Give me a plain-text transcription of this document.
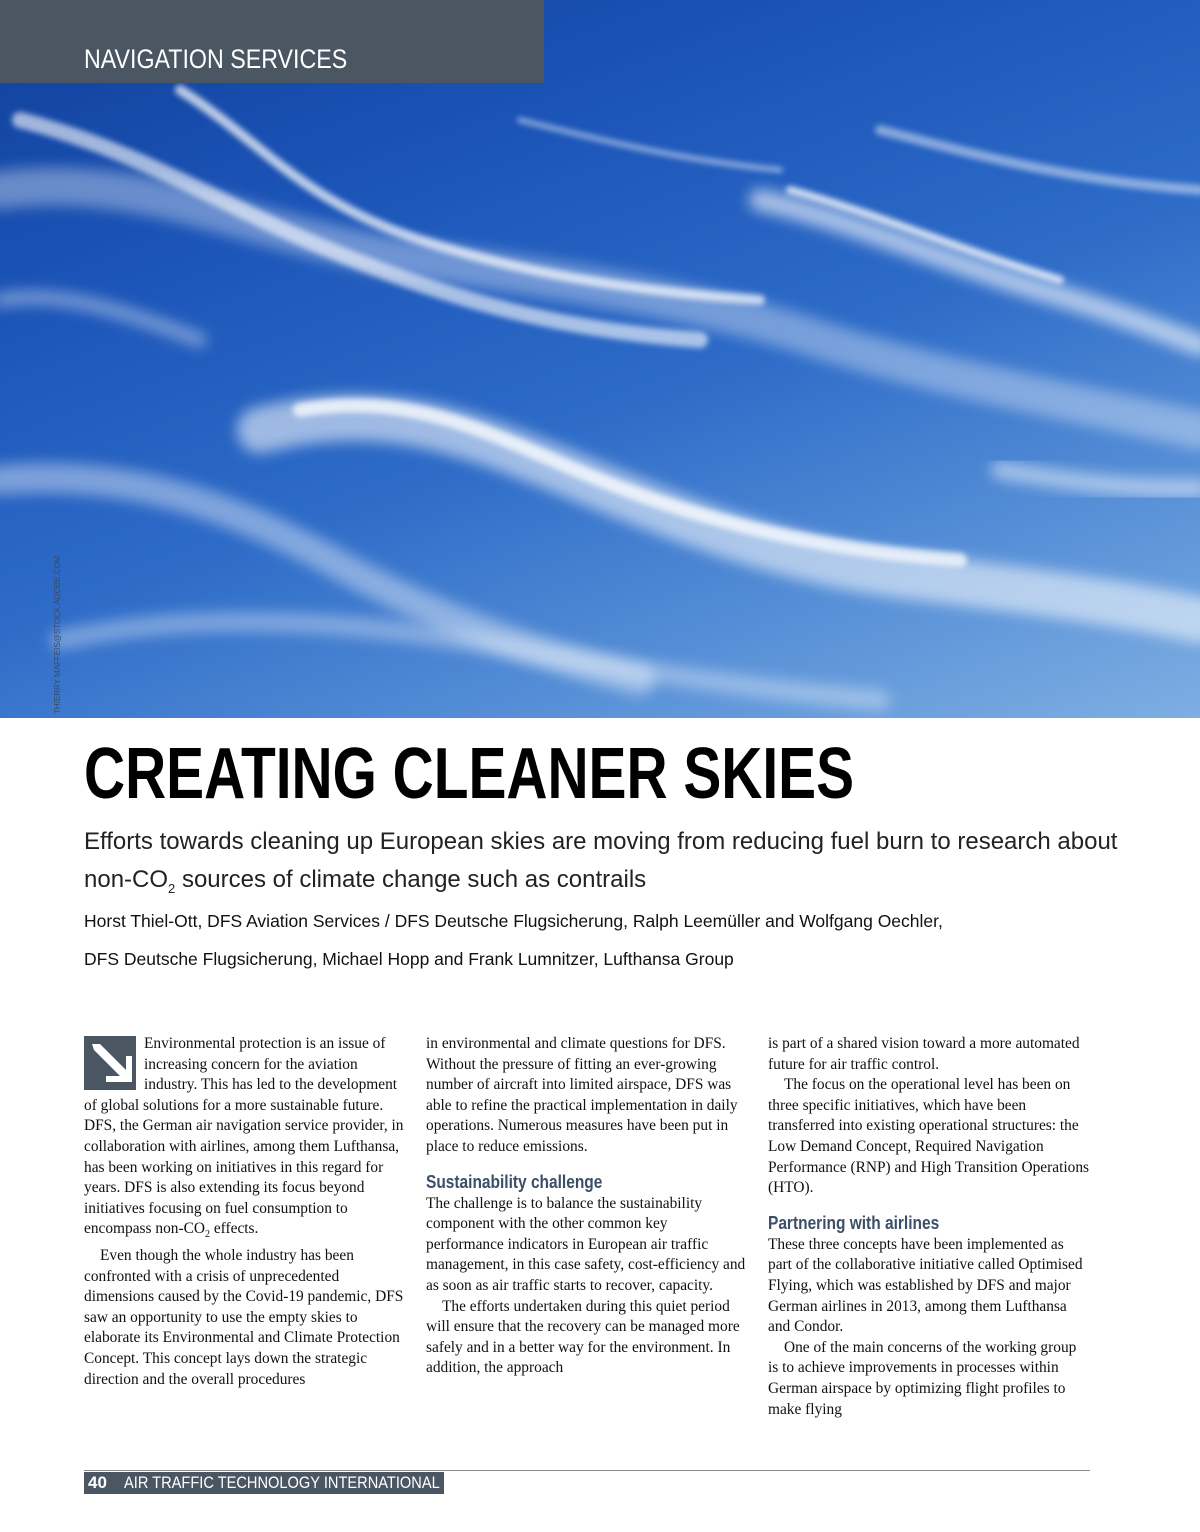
NAVIGATION SERVICES
THIERRY MAFFEIS@STOCK.ADOBE.COM
CREATING CLEANER SKIES
Efforts towards cleaning up European skies are moving from reducing fuel burn to research about non-$CO_2$ sources of climate change such as contrails
Horst Thiel-Ott, DFS Aviation Services / DFS Deutsche Flugsicherung, Ralph Leemüller and Wolfgang Oechler,
DFS Deutsche Flugsicherung, Michael Hopp and Frank Lumnitzer, Lufthansa Group

Environmental protection is an issue of increasing concern for the aviation industry. This has led to the development of global solutions for a more sustainable future. DFS, the German air navigation service provider, in collaboration with airlines, among them Lufthansa, has been working on initiatives in this regard for years. DFS is also extending its focus beyond initiatives focusing on fuel consumption to encompass non-$CO_2$ effects.

Even though the whole industry has been confronted with a crisis of unprecedented dimensions caused by the Covid-19 pandemic, DFS saw an opportunity to use the empty skies to elaborate its Environmental and Climate Protection Concept. This concept lays down the strategic direction and the overall procedures

in environmental and climate questions for DFS. Without the pressure of fitting an ever-growing number of aircraft into limited airspace, DFS was able to refine the practical implementation in daily operations. Numerous measures have been put in place to reduce emissions.

Sustainability challenge

The challenge is to balance the sustainability component with the other common key performance indicators in European air traffic management, in this case safety, cost-efficiency and as soon as air traffic starts to recover, capacity.

The efforts undertaken during this quiet period will ensure that the recovery can be managed more safely and in a better way for the environment. In addition, the approach

is part of a shared vision toward a more automated future for air traffic control.

The focus on the operational level has been on three specific initiatives, which have been transferred into existing operational structures: the Low Demand Concept, Required Navigation Performance (RNP) and High Transition Operations (HTO).

Partnering with airlines

These three concepts have been implemented as part of the collaborative initiative called Optimised Flying, which was established by DFS and major German airlines in 2013, among them Lufthansa and Condor.

One of the main concerns of the working group is to achieve improvements in processes within German airspace by optimizing flight profiles to make flying

40 AIR TRAFFIC TECHNOLOGY INTERNATIONAL 2022
